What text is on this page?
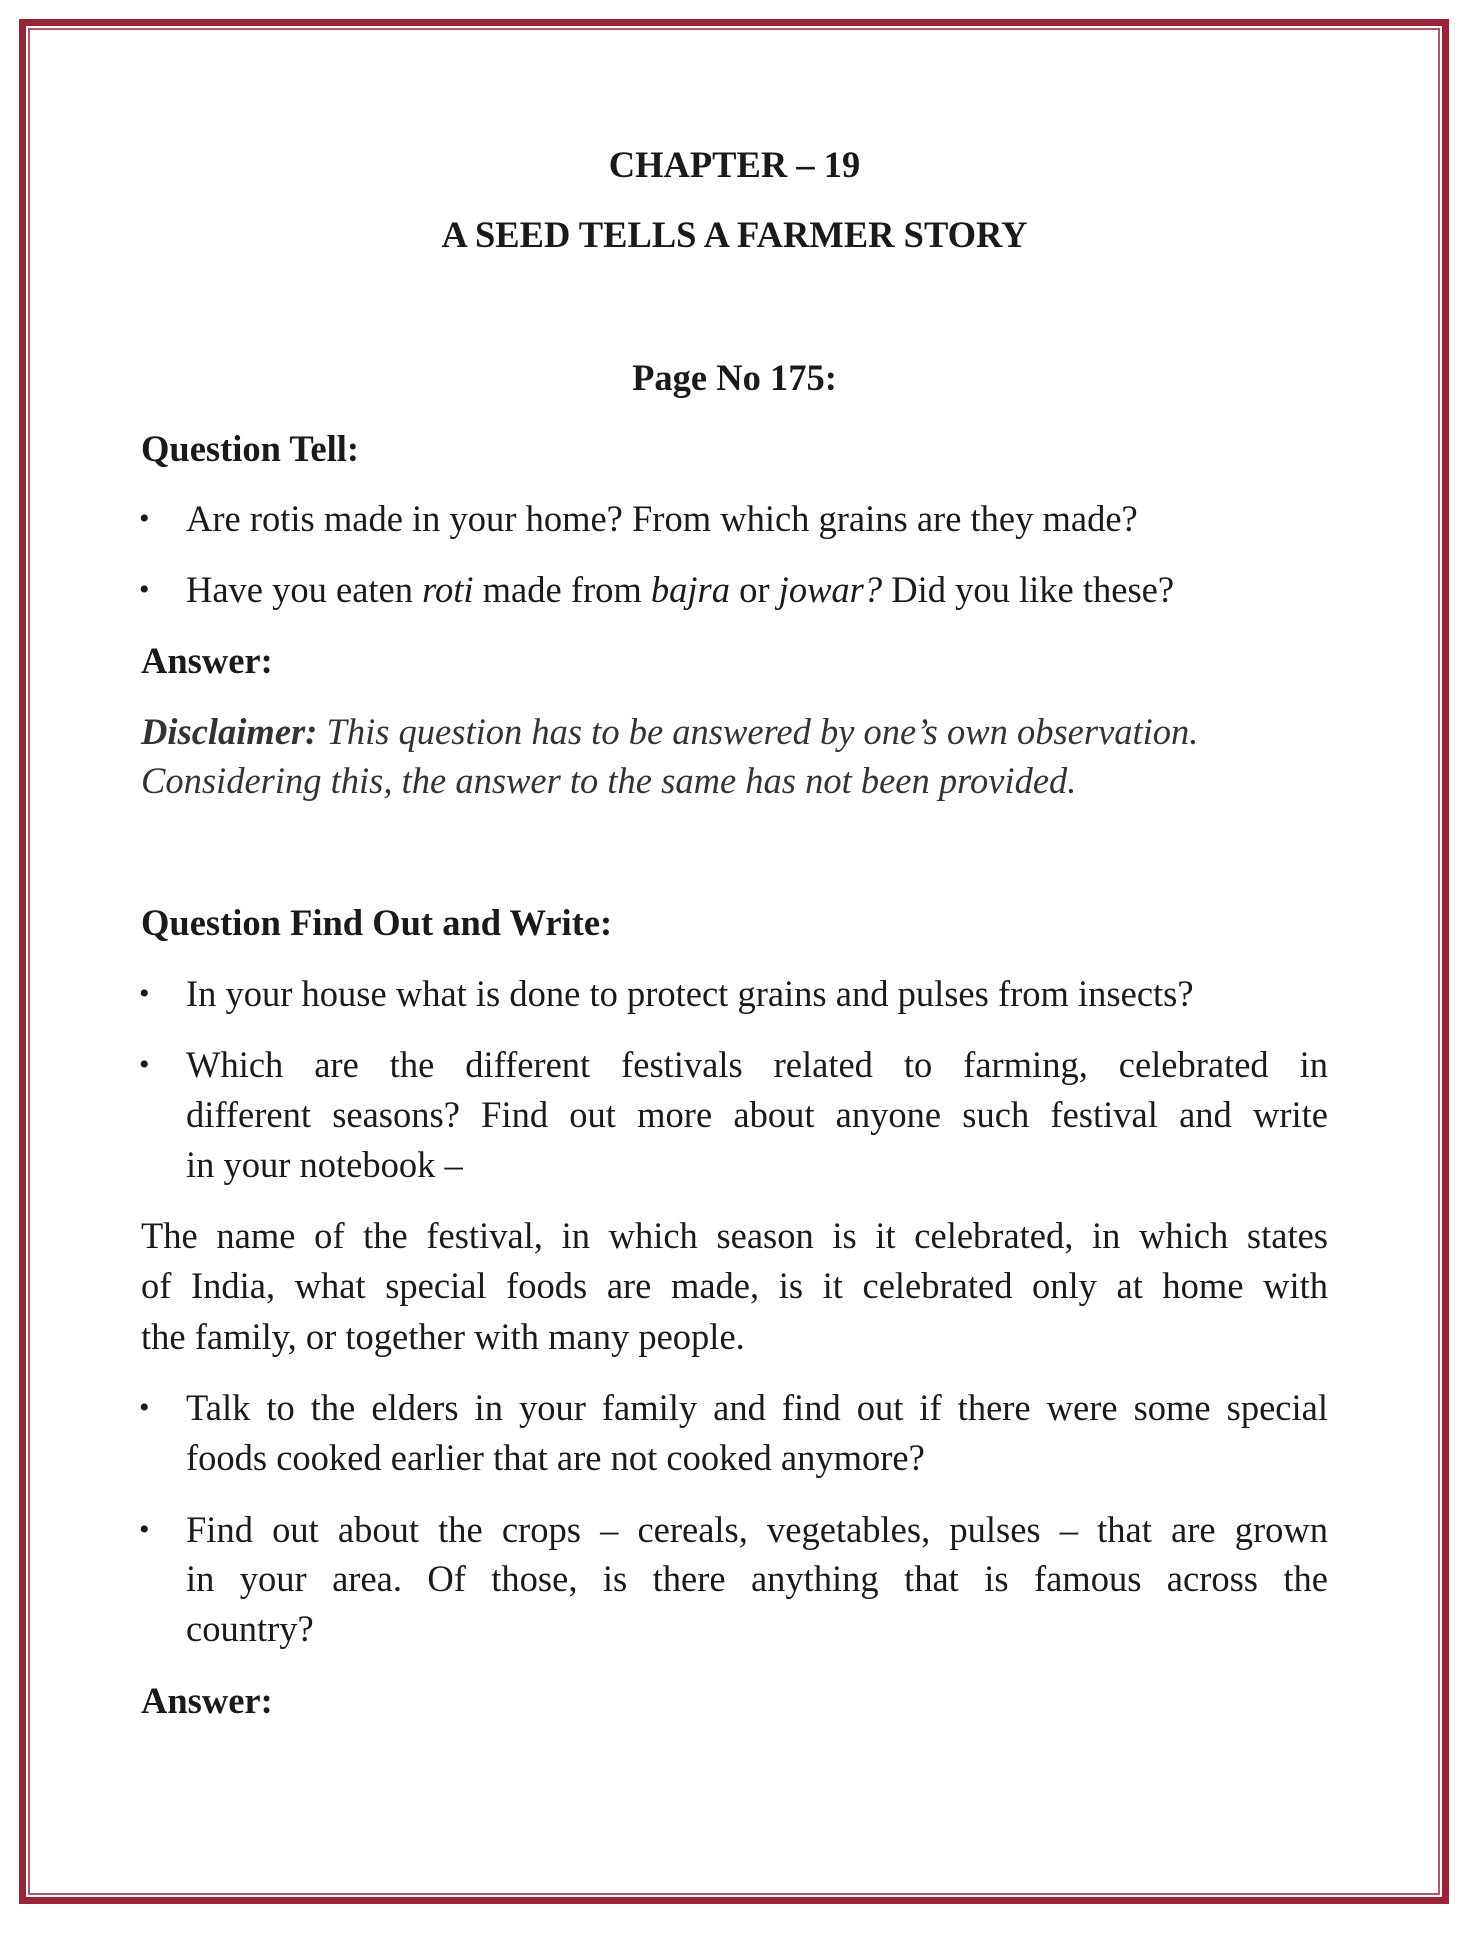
CHAPTER – 19
A SEED TELLS A FARMER STORY
Page No 175:
Question Tell:
• Are rotis made in your home? From which grains are they made?
• Have you eaten roti made from bajra or jowar? Did you like these?
Answer:
Disclaimer: This question has to be answered by one’s own observation.
Considering this, the answer to the same has not been provided.
Question Find Out and Write:
• In your house what is done to protect grains and pulses from insects?
• Which are the different festivals related to farming, celebrated in
different seasons? Find out more about anyone such festival and write
in your notebook –
The name of the festival, in which season is it celebrated, in which states
of India, what special foods are made, is it celebrated only at home with
the family, or together with many people.
• Talk to the elders in your family and find out if there were some special
foods cooked earlier that are not cooked anymore?
• Find out about the crops – cereals, vegetables, pulses – that are grown
in your area. Of those, is there anything that is famous across the
country?
Answer:
